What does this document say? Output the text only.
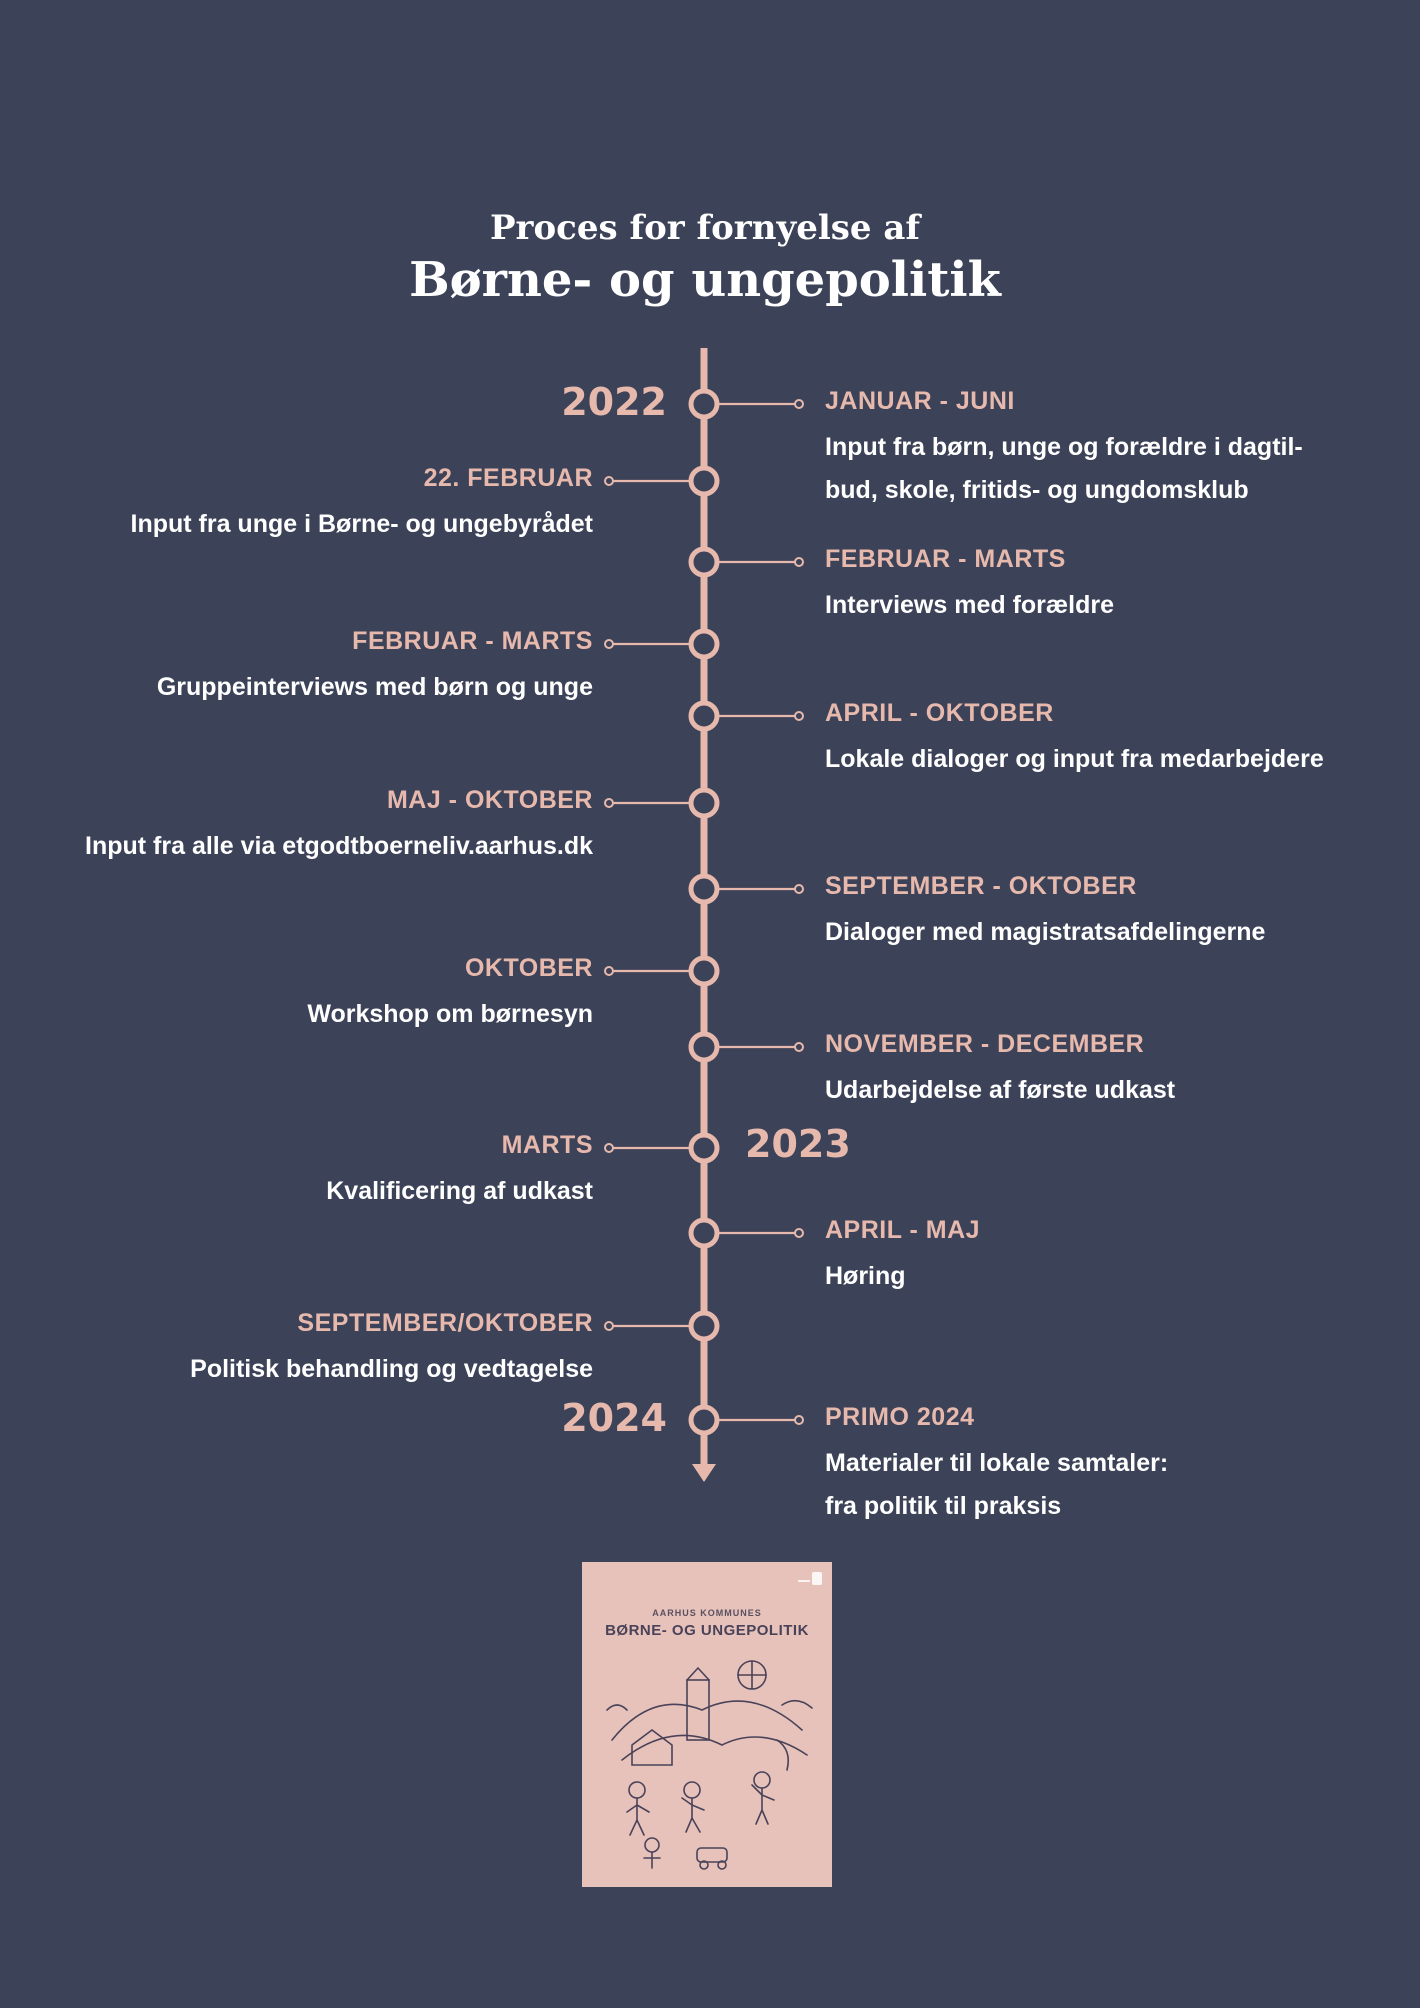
Proces for fornyelse af
Børne- og ungepolitik
JANUAR - JUNI
Input fra børn, unge og forældre i dagtil-
bud, skole, fritids- og ungdomsklub
22. FEBRUAR
Input fra unge i Børne- og ungebyrådet
FEBRUAR - MARTS
Interviews med forældre
FEBRUAR - MARTS
Gruppeinterviews med børn og unge
APRIL - OKTOBER
Lokale dialoger og input fra medarbejdere
MAJ - OKTOBER
Input fra alle via etgodtboerneliv.aarhus.dk
SEPTEMBER - OKTOBER
Dialoger med magistratsafdelingerne
OKTOBER
Workshop om børnesyn
NOVEMBER - DECEMBER
Udarbejdelse af første udkast
MARTS
Kvalificering af udkast
APRIL - MAJ
Høring
SEPTEMBER/OKTOBER
Politisk behandling og vedtagelse
PRIMO 2024
Materialer til lokale samtaler:
fra politik til praksis
2022
2023
2024
AARHUS KOMMUNES
BØRNE- OG UNGEPOLITIK
